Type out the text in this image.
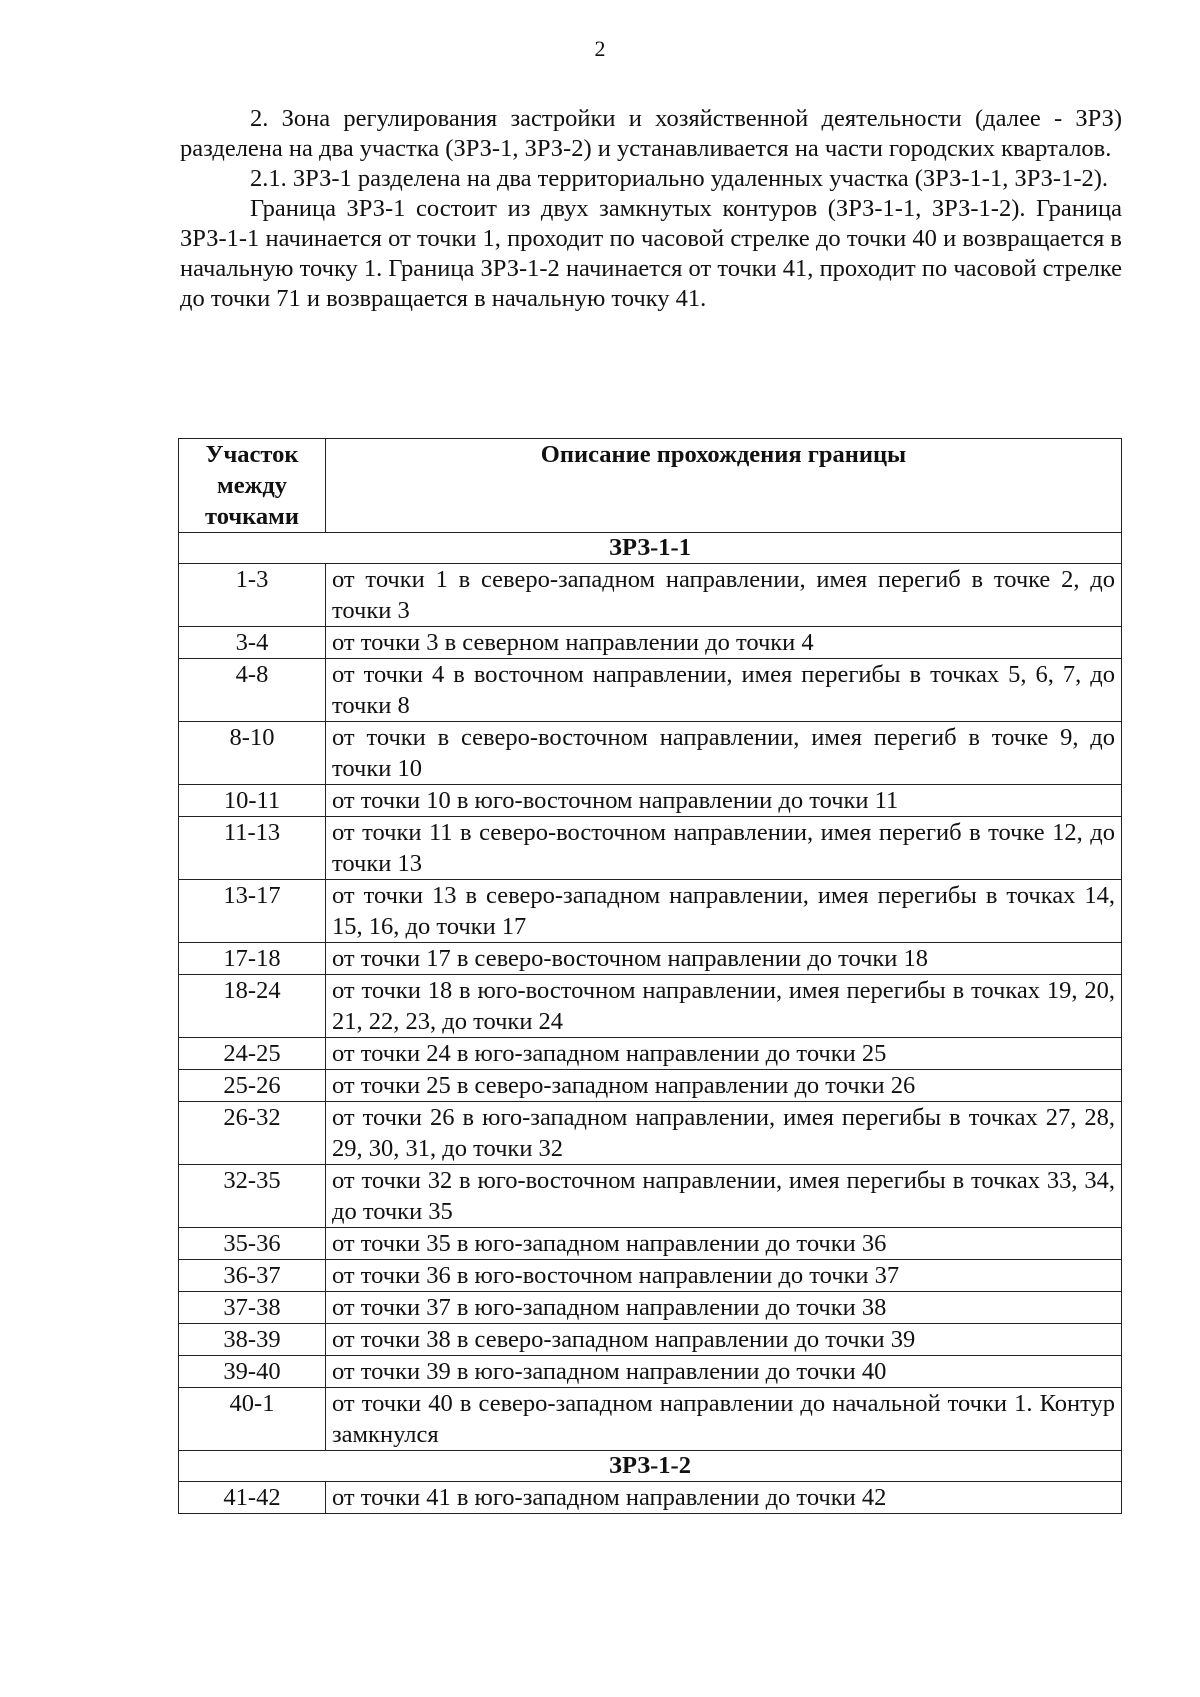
2

2. Зона регулирования застройки и хозяйственной деятельности (далее - ЗРЗ) разделена на два участка (ЗРЗ-1, ЗРЗ-2) и устанавливается на части городских кварталов.

2.1. ЗРЗ-1 разделена на два территориально удаленных участка (ЗРЗ-1-1, ЗРЗ-1-2).

Граница ЗРЗ-1 состоит из двух замкнутых контуров (ЗРЗ-1-1, ЗРЗ-1-2). Граница ЗРЗ-1-1 начинается от точки 1, проходит по часовой стрелке до точки 40 и возвращается в начальную точку 1. Граница ЗРЗ-1-2 начинается от точки 41, проходит по часовой стрелке до точки 71 и возвращается в начальную точку 41.

Участок между точками	Описание прохождения границы
ЗРЗ-1-1	
1-3	от точки 1 в северо-западном направлении, имея перегиб в точке 2, до точки 3
3-4	от точки 3 в северном направлении до точки 4
4-8	от точки 4 в восточном направлении, имея перегибы в точках 5, 6, 7, до точки 8
8-10	от точки в северо-восточном направлении, имея перегиб в точке 9, до точки 10
10-11	от точки 10 в юго-восточном направлении до точки 11
11-13	от точки 11 в северо-восточном направлении, имея перегиб в точке 12, до точки 13
13-17	от точки 13 в северо-западном направлении, имея перегибы в точках 14, 15, 16, до точки 17
17-18	от точки 17 в северо-восточном направлении до точки 18
18-24	от точки 18 в юго-восточном направлении, имея перегибы в точках 19, 20, 21, 22, 23, до точки 24
24-25	от точки 24 в юго-западном направлении до точки 25
25-26	от точки 25 в северо-западном направлении до точки 26
26-32	от точки 26 в юго-западном направлении, имея перегибы в точках 27, 28, 29, 30, 31, до точки 32
32-35	от точки 32 в юго-восточном направлении, имея перегибы в точках 33, 34, до точки 35
35-36	от точки 35 в юго-западном направлении до точки 36
36-37	от точки 36 в юго-восточном направлении до точки 37
37-38	от точки 37 в юго-западном направлении до точки 38
38-39	от точки 38 в северо-западном направлении до точки 39
39-40	от точки 39 в юго-западном направлении до точки 40
40-1	от точки 40 в северо-западном направлении до начальной точки 1. Контур замкнулся
ЗРЗ-1-2	
41-42	от точки 41 в юго-западном направлении до точки 42
